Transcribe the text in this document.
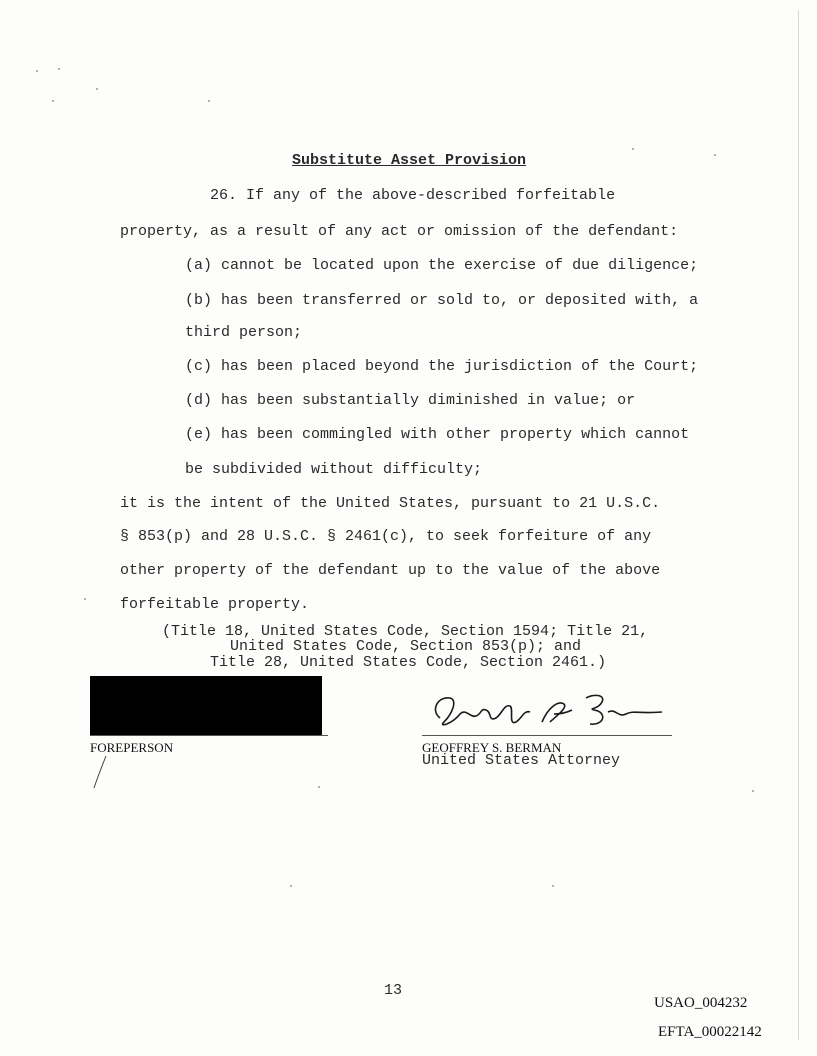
Substitute Asset Provision
26. If any of the above-described forfeitable
property, as a result of any act or omission of the defendant:
(a) cannot be located upon the exercise of due diligence;
(b) has been transferred or sold to, or deposited with, a
third person;
(c) has been placed beyond the jurisdiction of the Court;
(d) has been substantially diminished in value; or
(e) has been commingled with other property which cannot
be subdivided without difficulty;
it is the intent of the United States, pursuant to 21 U.S.C.
§ 853(p) and 28 U.S.C. § 2461(c), to seek forfeiture of any
other property of the defendant up to the value of the above
forfeitable property.
(Title 18, United States Code, Section 1594; Title 21,
United States Code, Section 853(p); and
Title 28, United States Code, Section 2461.)
FOREPERSON	GEOFFREY S. BERMAN
United States Attorney
13
USAO_004232
EFTA_00022142
